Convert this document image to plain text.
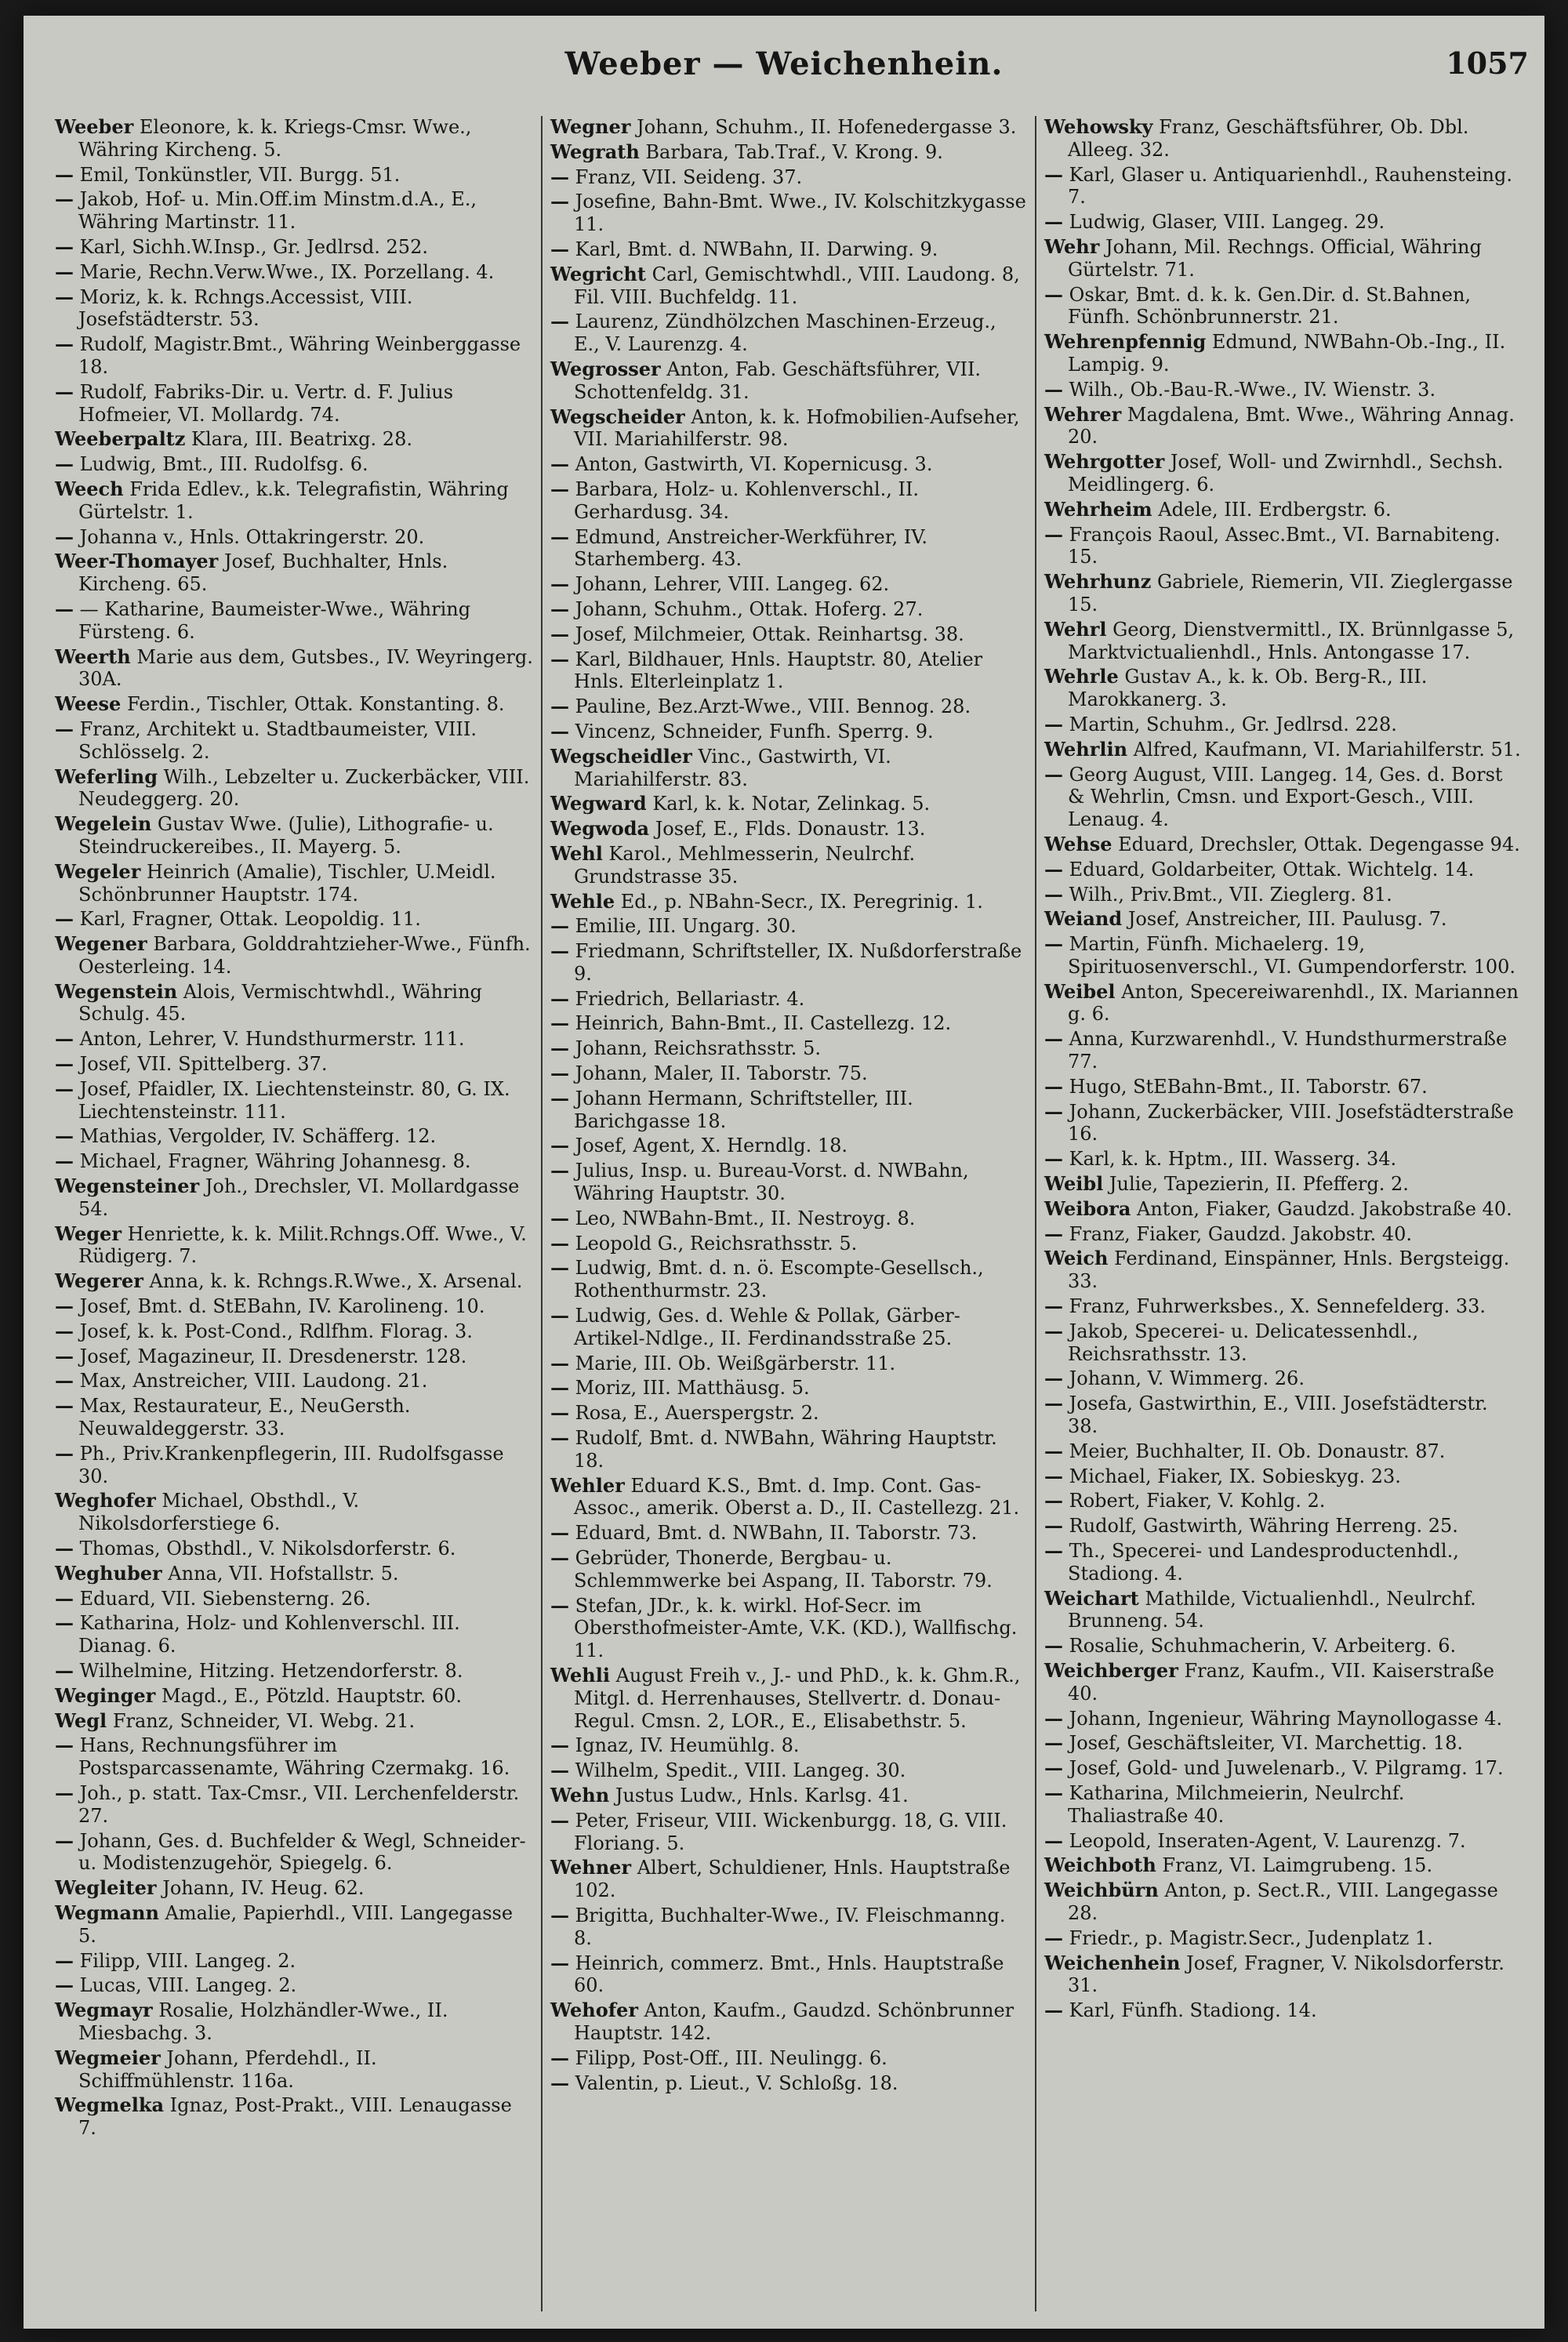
Weeber — Weichenhein.	1057
Weeber Eleonore, k. k. Kriegs-Cmsr. Wwe., Währing Kircheng. 5.
— Emil, Tonkünstler, VII. Burgg. 51.
— Jakob, Hof- u. Min.Off.im Minstm.d.A., E., Währing Martinstr. 11.
— Karl, Sichh.W.Insp., Gr. Jedlrsd. 252.
— Marie, Rechn.Verw.Wwe., IX. Porzellang. 4.
— Moriz, k. k. Rchngs.Accessist, VIII. Josefstädterstr. 53.
— Rudolf, Magistr.Bmt., Währing Weinberggasse 18.
— Rudolf, Fabriks-Dir. u. Vertr. d. F. Julius Hofmeier, VI. Mollardg. 74.
Weeberpaltz Klara, III. Beatrixg. 28.
— Ludwig, Bmt., III. Rudolfsg. 6.
Weech Frida Edlev., k.k. Telegrafistin, Währing Gürtelstr. 1.
— Johanna v., Hnls. Ottakringerstr. 20.
Weer-Thomayer Josef, Buchhalter, Hnls. Kircheng. 65.
— — Katharine, Baumeister-Wwe., Währing Fürsteng. 6.
Weerth Marie aus dem, Gutsbes., IV. Weyringerg. 30A.
Weese Ferdin., Tischler, Ottak. Konstanting. 8.
— Franz, Architekt u. Stadtbaumeister, VIII. Schlösselg. 2.
Weferling Wilh., Lebzelter u. Zuckerbäcker, VIII. Neudeggerg. 20.
Wegelein Gustav Wwe. (Julie), Lithografie- u. Steindruckereibes., II. Mayerg. 5.
Wegeler Heinrich (Amalie), Tischler, U.Meidl. Schönbrunner Hauptstr. 174.
— Karl, Fragner, Ottak. Leopoldig. 11.
Wegener Barbara, Golddrahtzieher-Wwe., Fünfh. Oesterleing. 14.
Wegenstein Alois, Vermischtwhdl., Währing Schulg. 45.
— Anton, Lehrer, V. Hundsthurmerstr. 111.
— Josef, VII. Spittelberg. 37.
— Josef, Pfaidler, IX. Liechtensteinstr. 80, G. IX. Liechtensteinstr. 111.
— Mathias, Vergolder, IV. Schäfferg. 12.
— Michael, Fragner, Währing Johannesg. 8.
Wegensteiner Joh., Drechsler, VI. Mollardgasse 54.
Weger Henriette, k. k. Milit.Rchngs.Off. Wwe., V. Rüdigerg. 7.
Wegerer Anna, k. k. Rchngs.R.Wwe., X. Arsenal.
— Josef, Bmt. d. StEBahn, IV. Karolineng. 10.
— Josef, k. k. Post-Cond., Rdlfhm. Florag. 3.
— Josef, Magazineur, II. Dresdenerstr. 128.
— Max, Anstreicher, VIII. Laudong. 21.
— Max, Restaurateur, E., NeuGersth. Neuwaldeggerstr. 33.
— Ph., Priv.Krankenpflegerin, III. Rudolfsgasse 30.
Weghofer Michael, Obsthdl., V. Nikolsdorferstiege 6.
— Thomas, Obsthdl., V. Nikolsdorferstr. 6.
Weghuber Anna, VII. Hofstallstr. 5.
— Eduard, VII. Siebensterng. 26.
— Katharina, Holz- und Kohlenverschl. III. Dianag. 6.
— Wilhelmine, Hitzing. Hetzendorferstr. 8.
Weginger Magd., E., Pötzld. Hauptstr. 60.
Wegl Franz, Schneider, VI. Webg. 21.
— Hans, Rechnungsführer im Postsparcassenamte, Währing Czermakg. 16.
— Joh., p. statt. Tax-Cmsr., VII. Lerchenfelderstr. 27.
— Johann, Ges. d. Buchfelder & Wegl, Schneider- u. Modistenzugehör, Spiegelg. 6.
Wegleiter Johann, IV. Heug. 62.
Wegmann Amalie, Papierhdl., VIII. Langegasse 5.
— Filipp, VIII. Langeg. 2.
— Lucas, VIII. Langeg. 2.
Wegmayr Rosalie, Holzhändler-Wwe., II. Miesbachg. 3.
Wegmeier Johann, Pferdehdl., II. Schiffmühlenstr. 116a.
Wegmelka Ignaz, Post-Prakt., VIII. Lenaugasse 7.
Wegner Johann, Schuhm., II. Hofenedergasse 3.
Wegrath Barbara, Tab.Traf., V. Krong. 9.
— Franz, VII. Seideng. 37.
— Josefine, Bahn-Bmt. Wwe., IV. Kolschitzkygasse 11.
— Karl, Bmt. d. NWBahn, II. Darwing. 9.
Wegricht Carl, Gemischtwhdl., VIII. Laudong. 8, Fil. VIII. Buchfeldg. 11.
— Laurenz, Zündhölzchen Maschinen-Erzeug., E., V. Laurenzg. 4.
Wegrosser Anton, Fab. Geschäftsführer, VII. Schottenfeldg. 31.
Wegscheider Anton, k. k. Hofmobilien-Aufseher, VII. Mariahilferstr. 98.
— Anton, Gastwirth, VI. Kopernicusg. 3.
— Barbara, Holz- u. Kohlenverschl., II. Gerhardusg. 34.
— Edmund, Anstreicher-Werkführer, IV. Starhemberg. 43.
— Johann, Lehrer, VIII. Langeg. 62.
— Johann, Schuhm., Ottak. Hoferg. 27.
— Josef, Milchmeier, Ottak. Reinhartsg. 38.
— Karl, Bildhauer, Hnls. Hauptstr. 80, Atelier Hnls. Elterleinplatz 1.
— Pauline, Bez.Arzt-Wwe., VIII. Bennog. 28.
— Vincenz, Schneider, Funfh. Sperrg. 9.
Wegscheidler Vinc., Gastwirth, VI. Mariahilferstr. 83.
Wegward Karl, k. k. Notar, Zelinkag. 5.
Wegwoda Josef, E., Flds. Donaustr. 13.
Wehl Karol., Mehlmesserin, Neulrchf. Grundstrasse 35.
Wehle Ed., p. NBahn-Secr., IX. Peregrinig. 1.
— Emilie, III. Ungarg. 30.
— Friedmann, Schriftsteller, IX. Nußdorferstraße 9.
— Friedrich, Bellariastr. 4.
— Heinrich, Bahn-Bmt., II. Castellezg. 12.
— Johann, Reichsrathsstr. 5.
— Johann, Maler, II. Taborstr. 75.
— Johann Hermann, Schriftsteller, III. Barichgasse 18.
— Josef, Agent, X. Herndlg. 18.
— Julius, Insp. u. Bureau-Vorst. d. NWBahn, Währing Hauptstr. 30.
— Leo, NWBahn-Bmt., II. Nestroyg. 8.
— Leopold G., Reichsrathsstr. 5.
— Ludwig, Bmt. d. n. ö. Escompte-Gesellsch., Rothenthurmstr. 23.
— Ludwig, Ges. d. Wehle & Pollak, Gärber-Artikel-Ndlge., II. Ferdinandsstraße 25.
— Marie, III. Ob. Weißgärberstr. 11.
— Moriz, III. Matthäusg. 5.
— Rosa, E., Auerspergstr. 2.
— Rudolf, Bmt. d. NWBahn, Währing Hauptstr. 18.
Wehler Eduard K.S., Bmt. d. Imp. Cont. Gas-Assoc., amerik. Oberst a. D., II. Castellezg. 21.
— Eduard, Bmt. d. NWBahn, II. Taborstr. 73.
— Gebrüder, Thonerde, Bergbau- u. Schlemmwerke bei Aspang, II. Taborstr. 79.
— Stefan, JDr., k. k. wirkl. Hof-Secr. im Obersthofmeister-Amte, V.K. (KD.), Wallfischg. 11.
Wehli August Freih v., J.- und PhD., k. k. Ghm.R., Mitgl. d. Herrenhauses, Stellvertr. d. Donau-Regul. Cmsn. 2, LOR., E., Elisabethstr. 5.
— Ignaz, IV. Heumühlg. 8.
— Wilhelm, Spedit., VIII. Langeg. 30.
Wehn Justus Ludw., Hnls. Karlsg. 41.
— Peter, Friseur, VIII. Wickenburgg. 18, G. VIII. Floriang. 5.
Wehner Albert, Schuldiener, Hnls. Hauptstraße 102.
— Brigitta, Buchhalter-Wwe., IV. Fleischmanng. 8.
— Heinrich, commerz. Bmt., Hnls. Hauptstraße 60.
Wehofer Anton, Kaufm., Gaudzd. Schönbrunner Hauptstr. 142.
— Filipp, Post-Off., III. Neulingg. 6.
— Valentin, p. Lieut., V. Schloßg. 18.
Wehowsky Franz, Geschäftsführer, Ob. Dbl. Alleeg. 32.
— Karl, Glaser u. Antiquarienhdl., Rauhensteing. 7.
— Ludwig, Glaser, VIII. Langeg. 29.
Wehr Johann, Mil. Rechngs. Official, Währing Gürtelstr. 71.
— Oskar, Bmt. d. k. k. Gen.Dir. d. St.Bahnen, Fünfh. Schönbrunnerstr. 21.
Wehrenpfennig Edmund, NWBahn-Ob.-Ing., II. Lampig. 9.
— Wilh., Ob.-Bau-R.-Wwe., IV. Wienstr. 3.
Wehrer Magdalena, Bmt. Wwe., Währing Annag. 20.
Wehrgotter Josef, Woll- und Zwirnhdl., Sechsh. Meidlingerg. 6.
Wehrheim Adele, III. Erdbergstr. 6.
— François Raoul, Assec.Bmt., VI. Barnabiteng. 15.
Wehrhunz Gabriele, Riemerin, VII. Zieglergasse 15.
Wehrl Georg, Dienstvermittl., IX. Brünnlgasse 5, Marktvictualienhdl., Hnls. Antongasse 17.
Wehrle Gustav A., k. k. Ob. Berg-R., III. Marokkanerg. 3.
— Martin, Schuhm., Gr. Jedlrsd. 228.
Wehrlin Alfred, Kaufmann, VI. Mariahilferstr. 51.
— Georg August, VIII. Langeg. 14, Ges. d. Borst & Wehrlin, Cmsn. und Export-Gesch., VIII. Lenaug. 4.
Wehse Eduard, Drechsler, Ottak. Degengasse 94.
— Eduard, Goldarbeiter, Ottak. Wichtelg. 14.
— Wilh., Priv.Bmt., VII. Zieglerg. 81.
Weiand Josef, Anstreicher, III. Paulusg. 7.
— Martin, Fünfh. Michaelerg. 19, Spirituosenverschl., VI. Gumpendorferstr. 100.
Weibel Anton, Specereiwarenhdl., IX. Mariannen g. 6.
— Anna, Kurzwarenhdl., V. Hundsthurmerstraße 77.
— Hugo, StEBahn-Bmt., II. Taborstr. 67.
— Johann, Zuckerbäcker, VIII. Josefstädterstraße 16.
— Karl, k. k. Hptm., III. Wasserg. 34.
Weibl Julie, Tapezierin, II. Pfefferg. 2.
Weibora Anton, Fiaker, Gaudzd. Jakobstraße 40.
— Franz, Fiaker, Gaudzd. Jakobstr. 40.
Weich Ferdinand, Einspänner, Hnls. Bergsteigg. 33.
— Franz, Fuhrwerksbes., X. Sennefelderg. 33.
— Jakob, Specerei- u. Delicatessenhdl., Reichsrathsstr. 13.
— Johann, V. Wimmerg. 26.
— Josefa, Gastwirthin, E., VIII. Josefstädterstr. 38.
— Meier, Buchhalter, II. Ob. Donaustr. 87.
— Michael, Fiaker, IX. Sobieskyg. 23.
— Robert, Fiaker, V. Kohlg. 2.
— Rudolf, Gastwirth, Währing Herreng. 25.
— Th., Specerei- und Landesproductenhdl., Stadiong. 4.
Weichart Mathilde, Victualienhdl., Neulrchf. Brunneng. 54.
— Rosalie, Schuhmacherin, V. Arbeiterg. 6.
Weichberger Franz, Kaufm., VII. Kaiserstraße 40.
— Johann, Ingenieur, Währing Maynollogasse 4.
— Josef, Geschäftsleiter, VI. Marchettig. 18.
— Josef, Gold- und Juwelenarb., V. Pilgramg. 17.
— Katharina, Milchmeierin, Neulrchf. Thaliastraße 40.
— Leopold, Inseraten-Agent, V. Laurenzg. 7.
Weichboth Franz, VI. Laimgrubeng. 15.
Weichbürn Anton, p. Sect.R., VIII. Langegasse 28.
— Friedr., p. Magistr.Secr., Judenplatz 1.
Weichenhein Josef, Fragner, V. Nikolsdorferstr. 31.
— Karl, Fünfh. Stadiong. 14.
